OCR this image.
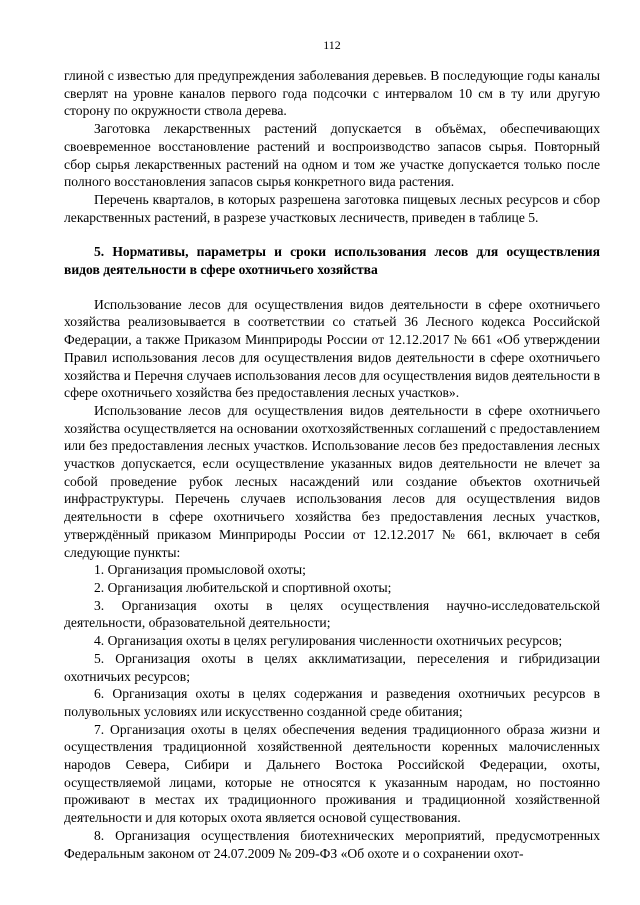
112

глиной с известью для предупреждения заболевания деревьев. В последующие годы каналы сверлят на уровне каналов первого года подсочки с интервалом 10 см в ту или другую сторону по окружности ствола дерева.

Заготовка лекарственных растений допускается в объёмах, обеспечивающих своевременное восстановление растений и воспроизводство запасов сырья. Повторный сбор сырья лекарственных растений на одном и том же участке допускается только после полного восстановления запасов сырья конкретного вида растения.

Перечень кварталов, в которых разрешена заготовка пищевых лесных ресурсов и сбор лекарственных растений, в разрезе участковых лесничеств, приведен в таблице 5.

5. Нормативы, параметры и сроки использования лесов для осуществления видов деятельности в сфере охотничьего хозяйства

Использование лесов для осуществления видов деятельности в сфере охотничьего хозяйства реализовывается в соответствии со статьей 36 Лесного кодекса Российской Федерации, а также Приказом Минприроды России от 12.12.2017 № 661 «Об утверждении Правил использования лесов для осуществления видов деятельности в сфере охотничьего хозяйства и Перечня случаев использования лесов для осуществления видов деятельности в сфере охотничьего хозяйства без предоставления лесных участков».

Использование лесов для осуществления видов деятельности в сфере охотничьего хозяйства осуществляется на основании охотхозяйственных соглашений с предоставлением или без предоставления лесных участков. Использование лесов без предоставления лесных участков допускается, если осуществление указанных видов деятельности не влечет за собой проведение рубок лесных насаждений или создание объектов охотничьей инфраструктуры. Перечень случаев использования лесов для осуществления видов деятельности в сфере охотничьего хозяйства без предоставления лесных участков, утверждённый приказом Минприроды России от 12.12.2017 № 661, включает в себя следующие пункты:

1. Организация промысловой охоты;

2. Организация любительской и спортивной охоты;

3. Организация охоты в целях осуществления научно-исследовательской деятельности, образовательной деятельности;

4. Организация охоты в целях регулирования численности охотничьих ресурсов;

5. Организация охоты в целях акклиматизации, переселения и гибридизации охотничьих ресурсов;

6. Организация охоты в целях содержания и разведения охотничьих ресурсов в полувольных условиях или искусственно созданной среде обитания;

7. Организация охоты в целях обеспечения ведения традиционного образа жизни и осуществления традиционной хозяйственной деятельности коренных малочисленных народов Севера, Сибири и Дальнего Востока Российской Федерации, охоты, осуществляемой лицами, которые не относятся к указанным народам, но постоянно проживают в местах их традиционного проживания и традиционной хозяйственной деятельности и для которых охота является основой существования.

8. Организация осуществления биотехнических мероприятий, предусмотренных Федеральным законом от 24.07.2009 № 209-ФЗ «Об охоте и о сохранении охот-
